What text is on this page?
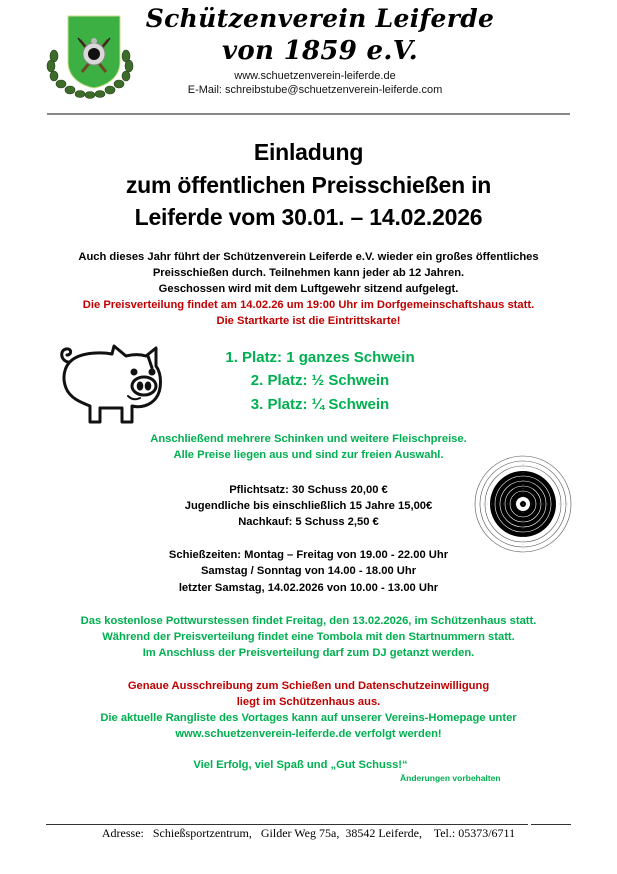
Schützenverein Leiferde
von 1859 e.V.
www.schuetzenverein-leiferde.de
E-Mail: schreibstube@schuetzenverein-leiferde.com
Einladung
zum öffentlichen Preisschießen in
Leiferde vom 30.01. – 14.02.2026
Auch dieses Jahr führt der Schützenverein Leiferde e.V. wieder ein großes öffentliches
Preisschießen durch. Teilnehmen kann jeder ab 12 Jahren.
Geschossen wird mit dem Luftgewehr sitzend aufgelegt.
Die Preisverteilung findet am 14.02.26 um 19:00 Uhr im Dorfgemeinschaftshaus statt.
Die Startkarte ist die Eintrittskarte!
1. Platz: 1 ganzes Schwein
2. Platz: ½ Schwein
3. Platz: ¼ Schwein
Anschließend mehrere Schinken und weitere Fleischpreise.
Alle Preise liegen aus und sind zur freien Auswahl.
Pflichtsatz: 30 Schuss 20,00 €
Jugendliche bis einschließlich 15 Jahre 15,00€
Nachkauf: 5 Schuss 2,50 €
Schießzeiten: Montag – Freitag von 19.00 - 22.00 Uhr
Samstag / Sonntag von 14.00 - 18.00 Uhr
letzter Samstag, 14.02.2026 von 10.00 - 13.00 Uhr
Das kostenlose Pottwurstessen findet Freitag, den 13.02.2026, im Schützenhaus statt.
Während der Preisverteilung findet eine Tombola mit den Startnummern statt.
Im Anschluss der Preisverteilung darf zum DJ getanzt werden.
Genaue Ausschreibung zum Schießen und Datenschutzeinwilligung
liegt im Schützenhaus aus.
Die aktuelle Rangliste des Vortages kann auf unserer Vereins-Homepage unter
www.schuetzenverein-leiferde.de verfolgt werden!
Viel Erfolg, viel Spaß und „Gut Schuss!“
Änderungen vorbehalten
Adresse:   Schießsportzentrum,   Gilder Weg 75a,  38542 Leiferde,    Tel.: 05373/6711
